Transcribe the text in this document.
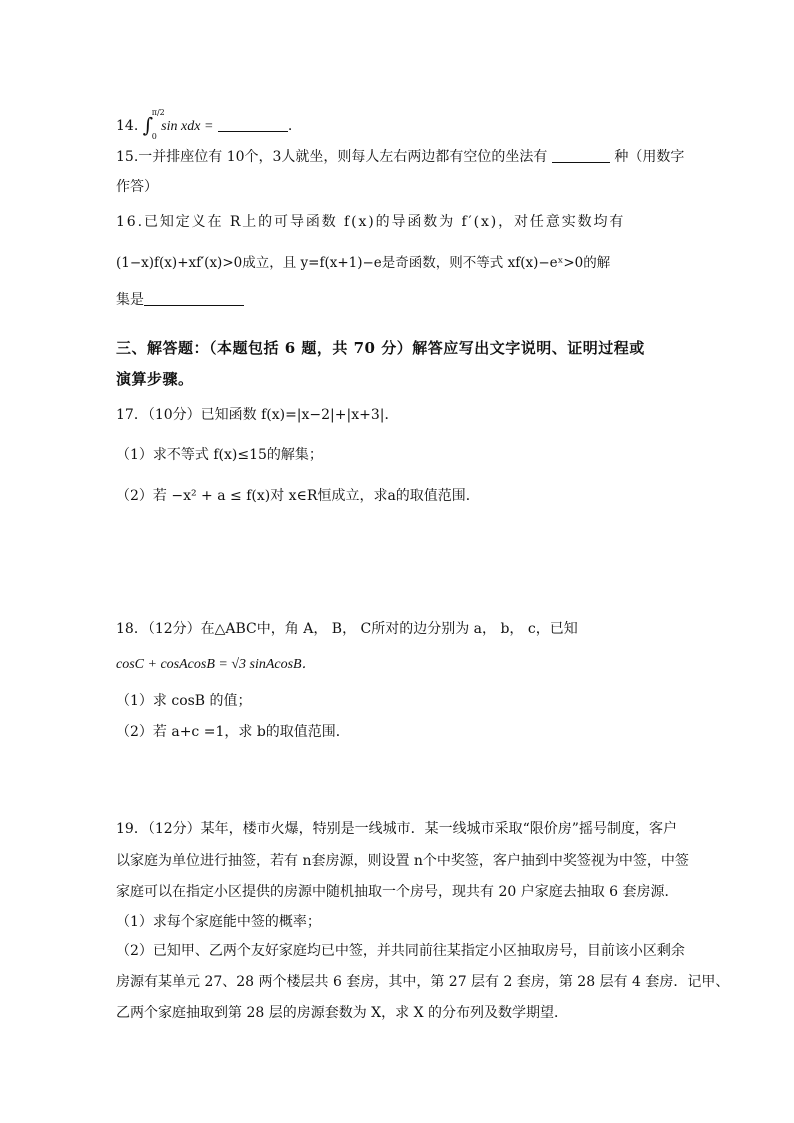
14. ∫
π/2
0
sin xdx =	.
15.一并排座位有 10个，3人就坐，则每人左右两边都有空位的坐法有	种（用数字
作答）
16.已知定义在 R上的可导函数 f(x)的导函数为 f′(x)，对任意实数均有
(1−x)f(x)+xf′(x)>0成立，且 y=f(x+1)−e是奇函数，则不等式 xf(x)−eˣ>0的解
集是
三、解答题：（本题包括 6 题，共 70 分）解答应写出文字说明、证明过程或
演算步骤。
17．（10分）已知函数 f(x)=|x−2|+|x+3|．
（1）求不等式 f(x)≤15的解集；
（2）若 −x² + a ≤ f(x)对 x∈R恒成立，求a的取值范围．
18．（12分）在△ABC中，角 A， B， C所对的边分别为 a， b， c，已知
cosC + cosAcosB = √3 sinAcosB．
（1）求 cosB 的值；
（2）若 a+c =1，求 b的取值范围．
19．（12分）某年，楼市火爆，特别是一线城市．某一线城市采取“限价房”摇号制度，客户
以家庭为单位进行抽签，若有 n套房源，则设置 n个中奖签，客户抽到中奖签视为中签，中签
家庭可以在指定小区提供的房源中随机抽取一个房号，现共有 20 户家庭去抽取 6 套房源．
（1）求每个家庭能中签的概率；
（2）已知甲、乙两个友好家庭均已中签，并共同前往某指定小区抽取房号，目前该小区剩余
房源有某单元 27、28 两个楼层共 6 套房，其中，第 27 层有 2 套房，第 28 层有 4 套房．记甲、
乙两个家庭抽取到第 28 层的房源套数为 X，求 X 的分布列及数学期望．
